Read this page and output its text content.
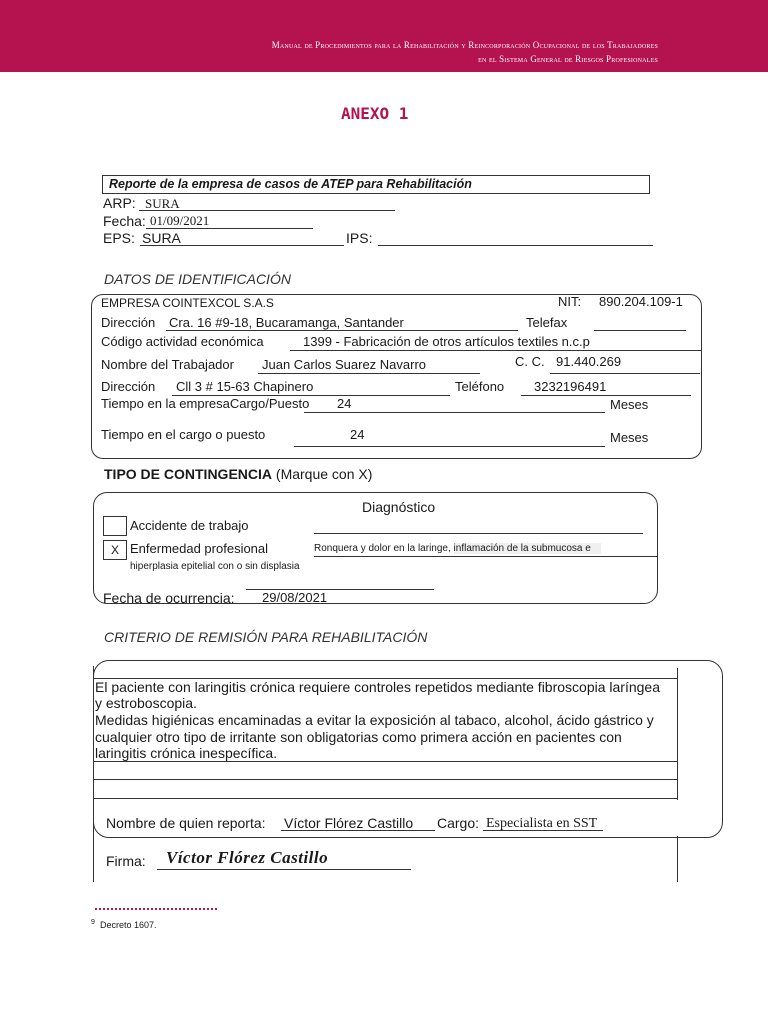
Manual de Procedimientos para la Rehabilitación y Reincorporación Ocupacional de los Trabajadores
en el Sistema General de Riesgos Profesionales
ANEXO 1
Reporte de la empresa de casos de ATEP para Rehabilitación
ARP: SURA
Fecha: 01/09/2021
EPS: SURA	IPS:
DATOS DE IDENTIFICACIÓN
EMPRESA COINTEXCOL S.A.S	NIT: 890.204.109-1
Dirección Cra. 16 #9-18, Bucaramanga, Santander	Telefax
Código actividad económica	1399 - Fabricación de otros artículos textiles n.c.p
Nombre del Trabajador Juan Carlos Suarez Navarro	C. C. 91.440.269
Dirección Cll 3 # 15-63 Chapinero	Teléfono 3232196491
Tiempo en la empresaCargo/Puesto 24	Meses
Tiempo en el cargo o puesto	24	Meses
TIPO DE CONTINGENCIA (Marque con X)
Diagnóstico
Accidente de trabajo
X Enfermedad profesional	Ronquera y dolor en la laringe, inflamación de la submucosa e
hiperplasia epitelial con o sin displasia
Fecha de ocurrencia: 29/08/2021
CRITERIO DE REMISIÓN PARA REHABILITACIÓN
El paciente con laringitis crónica requiere controles repetidos mediante fibroscopia laríngea
y estroboscopia.
Medidas higiénicas encaminadas a evitar la exposición al tabaco, alcohol, ácido gástrico y
cualquier otro tipo de irritante son obligatorias como primera acción en pacientes con
laringitis crónica inespecífica.
Nombre de quien reporta: Víctor Flórez Castillo Cargo: Especialista en SST
Firma: Víctor Flórez Castillo
9 Decreto 1607.
